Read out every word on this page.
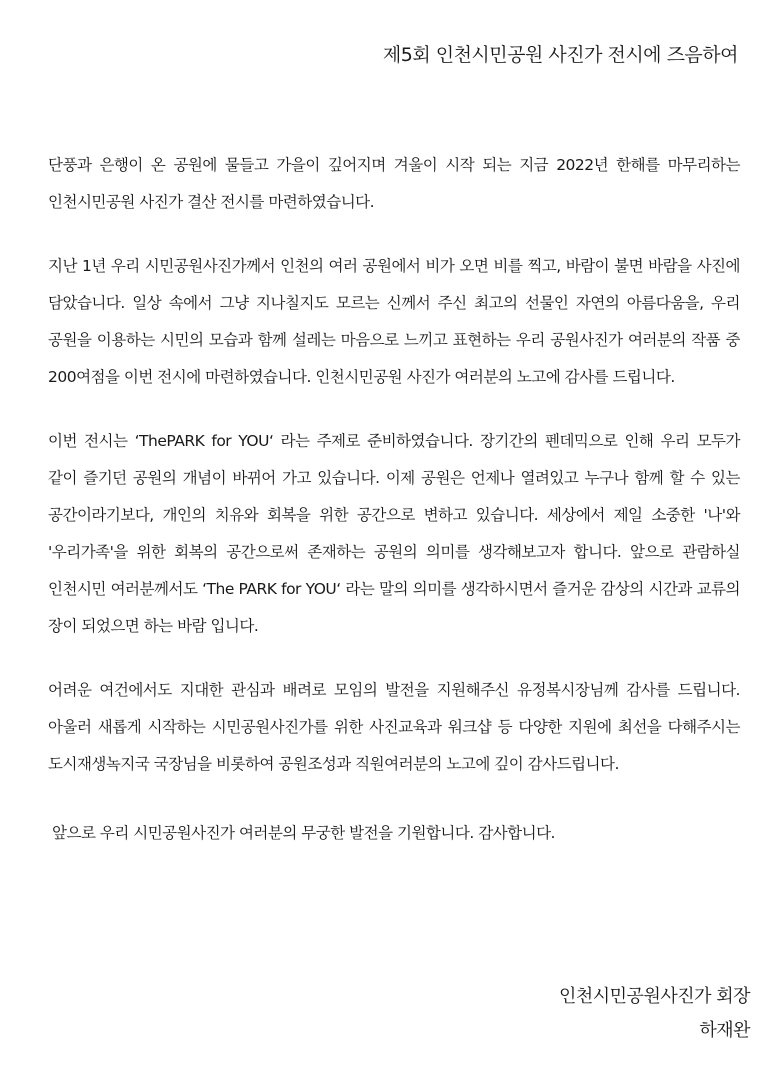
제5회 인천시민공원 사진가 전시에 즈음하여

단풍과 은행이 온 공원에 물들고 가을이 깊어지며 겨울이 시작 되는 지금 2022년 한해를 마무리하는 인천시민공원 사진가 결산 전시를 마련하였습니다.

지난 1년 우리 시민공원사진가께서 인천의 여러 공원에서 비가 오면 비를 찍고, 바람이 불면 바람을 사진에 담았습니다. 일상 속에서 그냥 지나칠지도 모르는 신께서 주신 최고의 선물인 자연의 아름다움을, 우리 공원을 이용하는 시민의 모습과 함께 설레는 마음으로 느끼고 표현하는 우리 공원사진가 여러분의 작품 중 200여점을 이번 전시에 마련하였습니다. 인천시민공원 사진가 여러분의 노고에 감사를 드립니다.

이번 전시는 ‘ThePARK for YOU‘ 라는 주제로 준비하였습니다. 장기간의 펜데믹으로 인해 우리 모두가 같이 즐기던 공원의 개념이 바뀌어 가고 있습니다. 이제 공원은 언제나 열려있고 누구나 함께 할 수 있는 공간이라기보다, 개인의 치유와 회복을 위한 공간으로 변하고 있습니다. 세상에서 제일 소중한 '나'와 '우리가족'을 위한 회복의 공간으로써 존재하는 공원의 의미를 생각해보고자 합니다. 앞으로 관람하실 인천시민 여러분께서도 ‘The PARK for YOU‘ 라는 말의 의미를 생각하시면서 즐거운 감상의 시간과 교류의 장이 되었으면 하는 바람 입니다.

어려운 여건에서도 지대한 관심과 배려로 모임의 발전을 지원해주신 유정복시장님께 감사를 드립니다. 아울러 새롭게 시작하는 시민공원사진가를 위한 사진교육과 워크샵 등 다양한 지원에 최선을 다해주시는 도시재생녹지국 국장님을 비롯하여 공원조성과 직원여러분의 노고에 깊이 감사드립니다.

앞으로 우리 시민공원사진가 여러분의 무궁한 발전을 기원합니다. 감사합니다.

인천시민공원사진가 회장
하재완
